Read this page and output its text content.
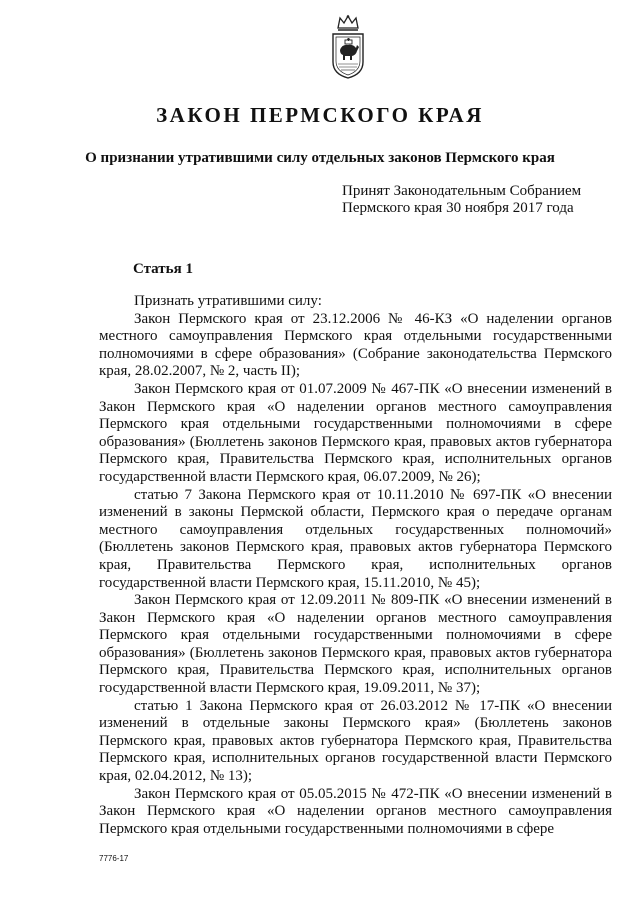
ЗАКОН ПЕРМСКОГО КРАЯ
О признании утратившими силу отдельных законов Пермского края
Принят Законодательным Собранием
Пермского края 30 ноября 2017 года
Статья 1

Признать утратившими силу:

Закон Пермского края от 23.12.2006 № 46-КЗ «О наделении органов местного самоуправления Пермского края отдельными государственными полномочиями в сфере образования» (Собрание законодательства Пермского края, 28.02.2007, № 2, часть II);

Закон Пермского края от 01.07.2009 № 467-ПК «О внесении изменений в Закон Пермского края «О наделении органов местного самоуправления Пермского края отдельными государственными полномочиями в сфере образования» (Бюллетень законов Пермского края, правовых актов губернатора Пермского края, Правительства Пермского края, исполнительных органов государственной власти Пермского края, 06.07.2009, № 26);

статью 7 Закона Пермского края от 10.11.2010 № 697-ПК «О внесении изменений в законы Пермской области, Пермского края о передаче органам местного самоуправления отдельных государственных полномочий» (Бюллетень законов Пермского края, правовых актов губернатора Пермского края, Правительства Пермского края, исполнительных органов государственной власти Пермского края, 15.11.2010, № 45);

Закон Пермского края от 12.09.2011 № 809-ПК «О внесении изменений в Закон Пермского края «О наделении органов местного самоуправления Пермского края отдельными государственными полномочиями в сфере образования» (Бюллетень законов Пермского края, правовых актов губернатора Пермского края, Правительства Пермского края, исполнительных органов государственной власти Пермского края, 19.09.2011, № 37);

статью 1 Закона Пермского края от 26.03.2012 № 17-ПК «О внесении изменений в отдельные законы Пермского края» (Бюллетень законов Пермского края, правовых актов губернатора Пермского края, Правительства Пермского края, исполнительных органов государственной власти Пермского края, 02.04.2012, № 13);

Закон Пермского края от 05.05.2015 № 472-ПК «О внесении изменений в Закон Пермского края «О наделении органов местного самоуправления Пермского края отдельными государственными полномочиями в сфере

7776-17
